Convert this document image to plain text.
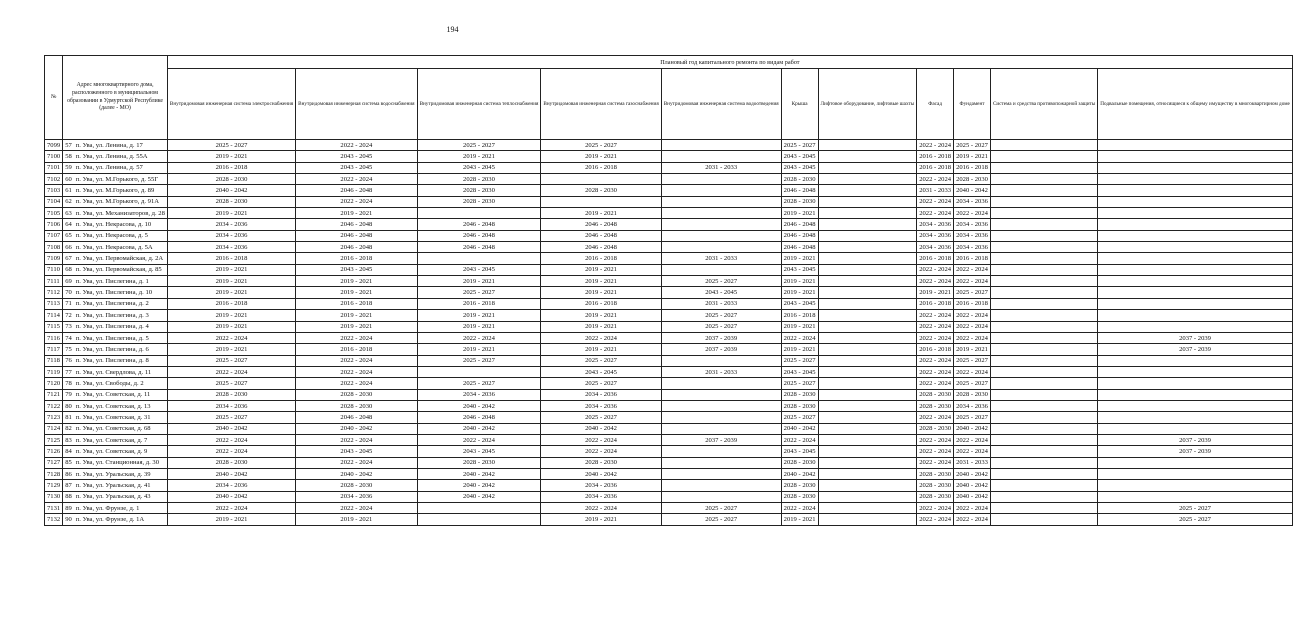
194
№	Адрес многоквартирного дома, расположенного в муниципальном образовании в Удмуртской Республике (далее - МО)		Плановый год капитального ремонта по видам работ										
			Внутридомовая инженерная система электроснабжения	Внутридомовая инженерная система водоснабжения	Внутридомовая инженерная система теплоснабжения	Внутридомовая инженерная система газоснабжения	Внутридомовая инженерная система водоотведения	Крыша	Лифтовое оборудование, лифтовые шахты	Фасад	Фундамент	Система и средства противопожарной защиты	Подвальные помещения, относящиеся к общему имуществу в многоквартирном доме
7099	57	п. Ува, ул. Ленина, д. 17	2025 - 2027	2022 - 2024	2025 - 2027	2025 - 2027		2025 - 2027		2022 - 2024	2025 - 2027		
7100	58	п. Ува, ул. Ленина, д. 55А	2019 - 2021	2043 - 2045	2019 - 2021	2019 - 2021		2043 - 2045		2016 - 2018	2019 - 2021		
7101	59	п. Ува, ул. Ленина, д. 57	2016 - 2018	2043 - 2045	2043 - 2045	2016 - 2018	2031 - 2033	2043 - 2045		2016 - 2018	2016 - 2018		
7102	60	п. Ува, ул. М.Горького, д. 55Г	2028 - 2030	2022 - 2024	2028 - 2030			2028 - 2030		2022 - 2024	2028 - 2030		
7103	61	п. Ува, ул. М.Горького, д. 89	2040 - 2042	2046 - 2048	2028 - 2030	2028 - 2030		2046 - 2048		2031 - 2033	2040 - 2042		
7104	62	п. Ува, ул. М.Горького, д. 91А	2028 - 2030	2022 - 2024	2028 - 2030			2028 - 2030		2022 - 2024	2034 - 2036		
7105	63	п. Ува, ул. Механизаторов, д. 28	2019 - 2021	2019 - 2021		2019 - 2021		2019 - 2021		2022 - 2024	2022 - 2024		
7106	64	п. Ува, ул. Некрасова, д. 10	2034 - 2036	2046 - 2048	2046 - 2048	2046 - 2048		2046 - 2048		2034 - 2036	2034 - 2036		
7107	65	п. Ува, ул. Некрасова, д. 5	2034 - 2036	2046 - 2048	2046 - 2048	2046 - 2048		2046 - 2048		2034 - 2036	2034 - 2036		
7108	66	п. Ува, ул. Некрасова, д. 5А	2034 - 2036	2046 - 2048	2046 - 2048	2046 - 2048		2046 - 2048		2034 - 2036	2034 - 2036		
7109	67	п. Ува, ул. Первомайская, д. 2А	2016 - 2018	2016 - 2018		2016 - 2018	2031 - 2033	2019 - 2021		2016 - 2018	2016 - 2018		
7110	68	п. Ува, ул. Первомайская, д. 85	2019 - 2021	2043 - 2045	2043 - 2045	2019 - 2021		2043 - 2045		2022 - 2024	2022 - 2024		
7111	69	п. Ува, ул. Пислегина, д. 1	2019 - 2021	2019 - 2021	2019 - 2021	2019 - 2021	2025 - 2027	2019 - 2021		2022 - 2024	2022 - 2024		
7112	70	п. Ува, ул. Пислегина, д. 10	2019 - 2021	2019 - 2021	2025 - 2027	2019 - 2021	2043 - 2045	2019 - 2021		2019 - 2021	2025 - 2027		
7113	71	п. Ува, ул. Пислегина, д. 2	2016 - 2018	2016 - 2018	2016 - 2018	2016 - 2018	2031 - 2033	2043 - 2045		2016 - 2018	2016 - 2018		
7114	72	п. Ува, ул. Пислегина, д. 3	2019 - 2021	2019 - 2021	2019 - 2021	2019 - 2021	2025 - 2027	2016 - 2018		2022 - 2024	2022 - 2024		
7115	73	п. Ува, ул. Пислегина, д. 4	2019 - 2021	2019 - 2021	2019 - 2021	2019 - 2021	2025 - 2027	2019 - 2021		2022 - 2024	2022 - 2024		
7116	74	п. Ува, ул. Пислегина, д. 5	2022 - 2024	2022 - 2024	2022 - 2024	2022 - 2024	2037 - 2039	2022 - 2024		2022 - 2024	2022 - 2024		2037 - 2039
7117	75	п. Ува, ул. Пислегина, д. 6	2019 - 2021	2016 - 2018	2019 - 2021	2019 - 2021	2037 - 2039	2019 - 2021		2016 - 2018	2019 - 2021		2037 - 2039
7118	76	п. Ува, ул. Пислегина, д. 8	2025 - 2027	2022 - 2024	2025 - 2027	2025 - 2027		2025 - 2027		2022 - 2024	2025 - 2027		
7119	77	п. Ува, ул. Свердлова, д. 11	2022 - 2024	2022 - 2024		2043 - 2045	2031 - 2033	2043 - 2045		2022 - 2024	2022 - 2024		
7120	78	п. Ува, ул. Свободы, д. 2	2025 - 2027	2022 - 2024	2025 - 2027	2025 - 2027		2025 - 2027		2022 - 2024	2025 - 2027		
7121	79	п. Ува, ул. Советская, д. 11	2028 - 2030	2028 - 2030	2034 - 2036	2034 - 2036		2028 - 2030		2028 - 2030	2028 - 2030		
7122	80	п. Ува, ул. Советская, д. 13	2034 - 2036	2028 - 2030	2040 - 2042	2034 - 2036		2028 - 2030		2028 - 2030	2034 - 2036		
7123	81	п. Ува, ул. Советская, д. 31	2025 - 2027	2046 - 2048	2046 - 2048	2025 - 2027		2025 - 2027		2022 - 2024	2025 - 2027		
7124	82	п. Ува, ул. Советская, д. 68	2040 - 2042	2040 - 2042	2040 - 2042	2040 - 2042		2040 - 2042		2028 - 2030	2040 - 2042		
7125	83	п. Ува, ул. Советская, д. 7	2022 - 2024	2022 - 2024	2022 - 2024	2022 - 2024	2037 - 2039	2022 - 2024		2022 - 2024	2022 - 2024		2037 - 2039
7126	84	п. Ува, ул. Советская, д. 9	2022 - 2024	2043 - 2045	2043 - 2045	2022 - 2024		2043 - 2045		2022 - 2024	2022 - 2024		2037 - 2039
7127	85	п. Ува, ул. Станционная, д. 30	2028 - 2030	2022 - 2024	2028 - 2030	2028 - 2030		2028 - 2030		2022 - 2024	2031 - 2033		
7128	86	п. Ува, ул. Уральская, д. 39	2040 - 2042	2040 - 2042	2040 - 2042	2040 - 2042		2040 - 2042		2028 - 2030	2040 - 2042		
7129	87	п. Ува, ул. Уральская, д. 41	2034 - 2036	2028 - 2030	2040 - 2042	2034 - 2036		2028 - 2030		2028 - 2030	2040 - 2042		
7130	88	п. Ува, ул. Уральская, д. 43	2040 - 2042	2034 - 2036	2040 - 2042	2034 - 2036		2028 - 2030		2028 - 2030	2040 - 2042		
7131	89	п. Ува, ул. Фрунзе, д. 1	2022 - 2024	2022 - 2024		2022 - 2024	2025 - 2027	2022 - 2024		2022 - 2024	2022 - 2024		2025 - 2027
7132	90	п. Ува, ул. Фрунзе, д. 1А	2019 - 2021	2019 - 2021		2019 - 2021	2025 - 2027	2019 - 2021		2022 - 2024	2022 - 2024		2025 - 2027
